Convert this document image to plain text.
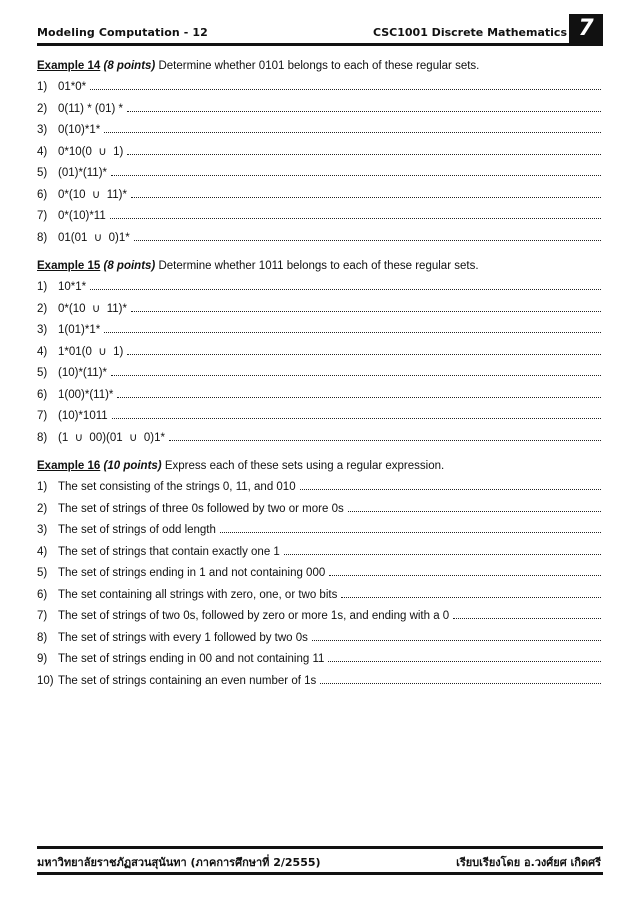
Modeling Computation - 12	CSC1001 Discrete Mathematics 7
Example 14 (8 points) Determine whether 0101 belongs to each of these regular sets.
1) 01*0*
2) 0(11) * (01) *
3) 0(10)*1*
4) 0*10(0  ∪  1)
5) (01)*(11)*
6) 0*(10  ∪  11)*
7) 0*(10)*11
8) 01(01  ∪  0)1*
Example 15 (8 points) Determine whether 1011 belongs to each of these regular sets.
1) 10*1*
2) 0*(10  ∪  11)*
3) 1(01)*1*
4) 1*01(0  ∪  1)
5) (10)*(11)*
6) 1(00)*(11)*
7) (10)*1011
8) (1  ∪  00)(01  ∪  0)1*
Example 16 (10 points) Express each of these sets using a regular expression.
1) The set consisting of the strings 0, 11, and 010
2) The set of strings of three 0s followed by two or more 0s
3) The set of strings of odd length
4) The set of strings that contain exactly one 1
5) The set of strings ending in 1 and not containing 000
6) The set containing all strings with zero, one, or two bits
7) The set of strings of two 0s, followed by zero or more 1s, and ending with a 0
8) The set of strings with every 1 followed by two 0s
9) The set of strings ending in 00 and not containing 11
10) The set of strings containing an even number of 1s
มหาวิทยาลัยราชภัฏสวนสุนันทา (ภาคการศึกษาที่ 2/2555)	เรียบเรียงโดย อ.วงศ์ยศ เกิดศรี
